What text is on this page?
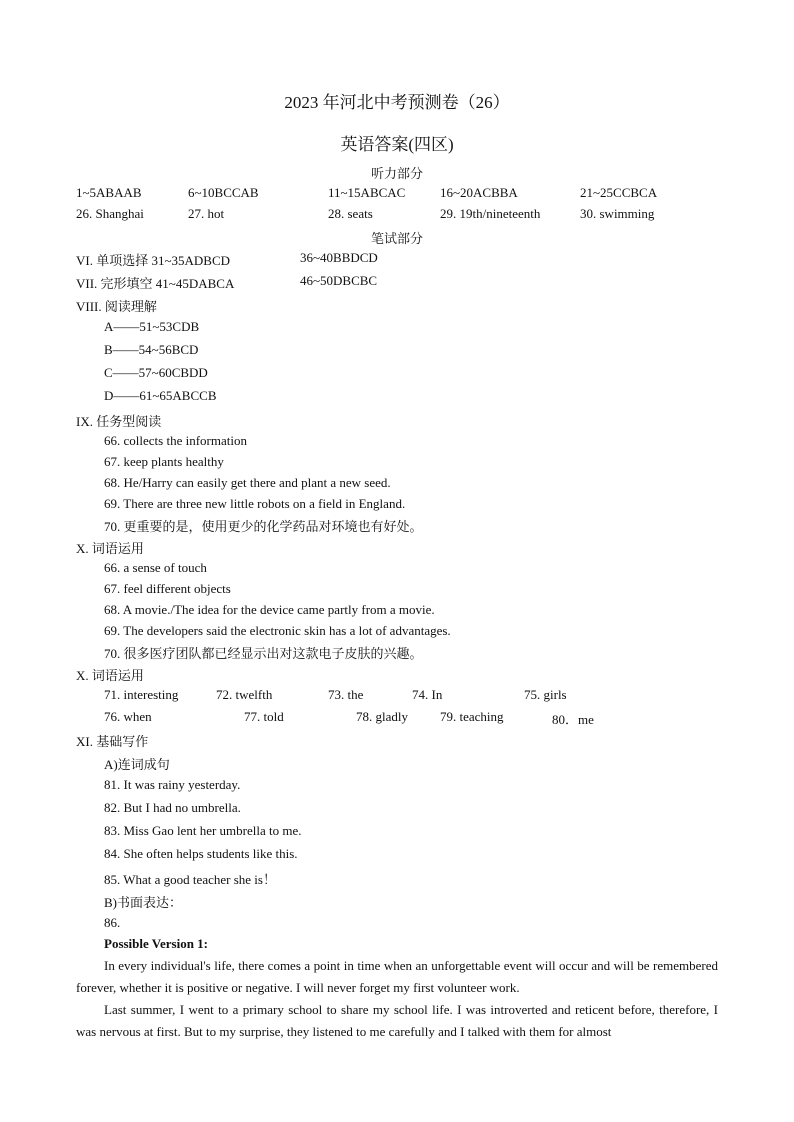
2023 年河北中考预测卷（26）
英语答案(四区)
听力部分
1~5ABAAB	6~10BCCAB	11~15ABCAC	16~20ACBBA	21~25CCBCA
26. Shanghai	27. hot	28. seats	29. 19th/nineteenth	30. swimming
笔试部分
VI. 单项选择 31~35ADBCD	36~40BBDCD
VII. 完形填空 41~45DABCA	46~50DBCBC
VIII. 阅读理解
A——51~53CDB
B——54~56BCD
C——57~60CBDD
D——61~65ABCCB
IX. 任务型阅读
66. collects the information
67. keep plants healthy
68. He/Harry can easily get there and plant a new seed.
69. There are three new little robots on a field in England.
70. 更重要的是，使用更少的化学药品对环境也有好处。
X. 词语运用
66. a sense of touch
67. feel different objects
68. A movie./The idea for the device came partly from a movie.
69. The developers said the electronic skin has a lot of advantages.
70. 很多医疗团队都已经显示出对这款电子皮肤的兴趣。
X. 词语运用
71. interesting	72. twelfth	73. the	74. In	75. girls
76. when	77. told	78. gladly 79. teaching	80．me
XI. 基础写作
A)连词成句
81. It was rainy yesterday.
82. But I had no umbrella.
83. Miss Gao lent her umbrella to me.
84. She often helps students like this.
85. What a good teacher she is！
B)书面表达：
86.
Possible Version 1:
In every individual's life, there comes a point in time when an unforgettable event will occur and will be remembered forever, whether it is positive or negative. I will never forget my first volunteer work.
Last summer, I went to a primary school to share my school life. I was introverted and reticent before, therefore, I was nervous at first. But to my surprise, they listened to me carefully and I talked with them for almost
